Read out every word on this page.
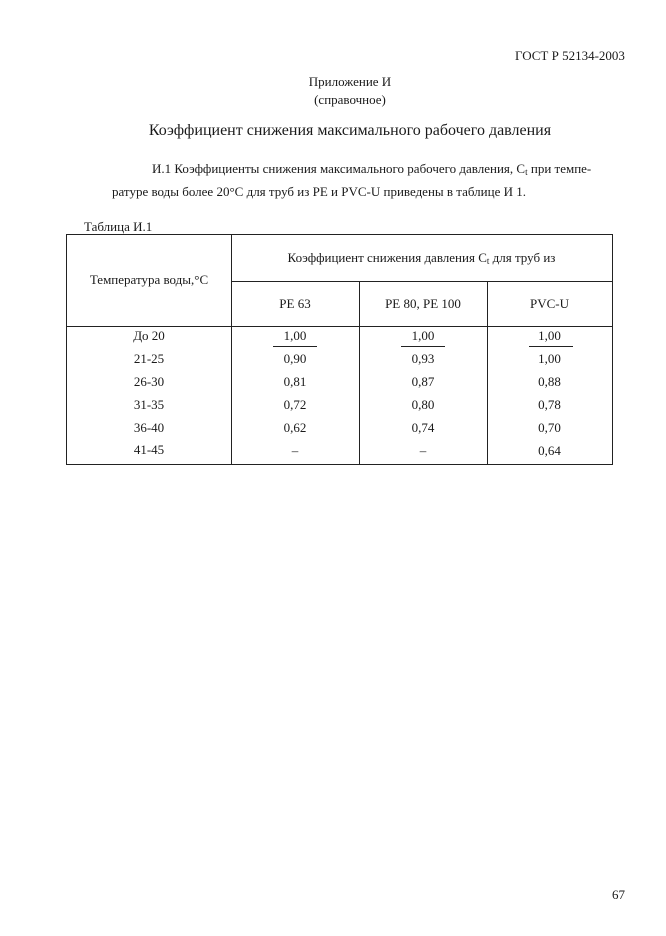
ГОСТ Р 52134-2003
Приложение И
(справочное)
Коэффициент снижения максимального рабочего давления
И.1 Коэффициенты снижения максимального рабочего давления, $C_t$ при темпе-
ратуре воды более 20°С для труб из РЕ и PVC-U приведены в таблице И 1.
Таблица И.1
Температура воды,°С
Коэффициент снижения давления $C_t$ для труб из
PE 63	PE 80, PE 100	PVC-U
До 20	1,00	1,00	1,00
21-25	0,90	0,93	1,00
26-30	0,81	0,87	0,88
31-35	0,72	0,80	0,78
36-40	0,62	0,74	0,70
41-45	–	–	0,64
67
